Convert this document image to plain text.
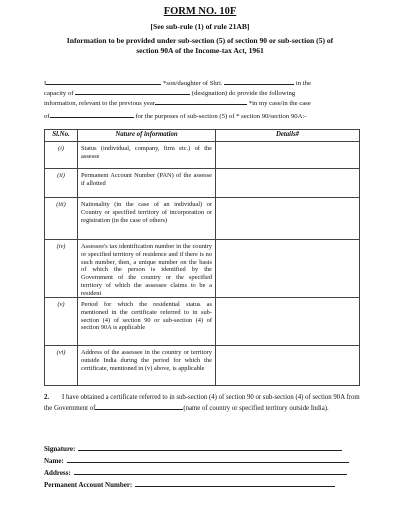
FORM NO. 10F
[See sub-rule (1) of rule 21AB]
Information to be provided under sub-section (5) of section 90 or sub-section (5) of section 90A of the Income-tax Act, 1961
I	*son/daughter of Shri.	in the
capacity of	(designation) do provide the following
information, relevant to the previous year	*in my case/in the case
of	for the purposes of sub-section (5) of * section 90/section 90A:-
Sl.No.	Nature of information	Details#
(i)	Status (individual, company, firm etc.) of the assesse	

(ii)	Permanent Account Number (PAN) of the assesse if allotted	

(iii)	Nationality (in the case of an individual) or Country or specified territory of incorporation or registration (in the case of others)	

(iv)	Assessee's tax identification number in the country or specified territory of residence and if there is no such number, then, a unique number on the basis of which the person is identified by the Government of the country or the specified territory of which the assessee claims to be a resident	

(v)	Period for which the residential status as mentioned in the certificate referred to in sub-section (4) of section 90 or sub-section (4) of section 90A is applicable	

(vi)	Address of the assessee in the country or territory outside India during the period for which the certificate, mentioned in (v) above, is applicable	

2. I have obtained a certificate referred to in sub-section (4) of section 90 or sub-section (4) of section 90A from the Government of	(name of country or specified territory outside India).
Signature:
Name:
Address:
Permanent Account Number:
